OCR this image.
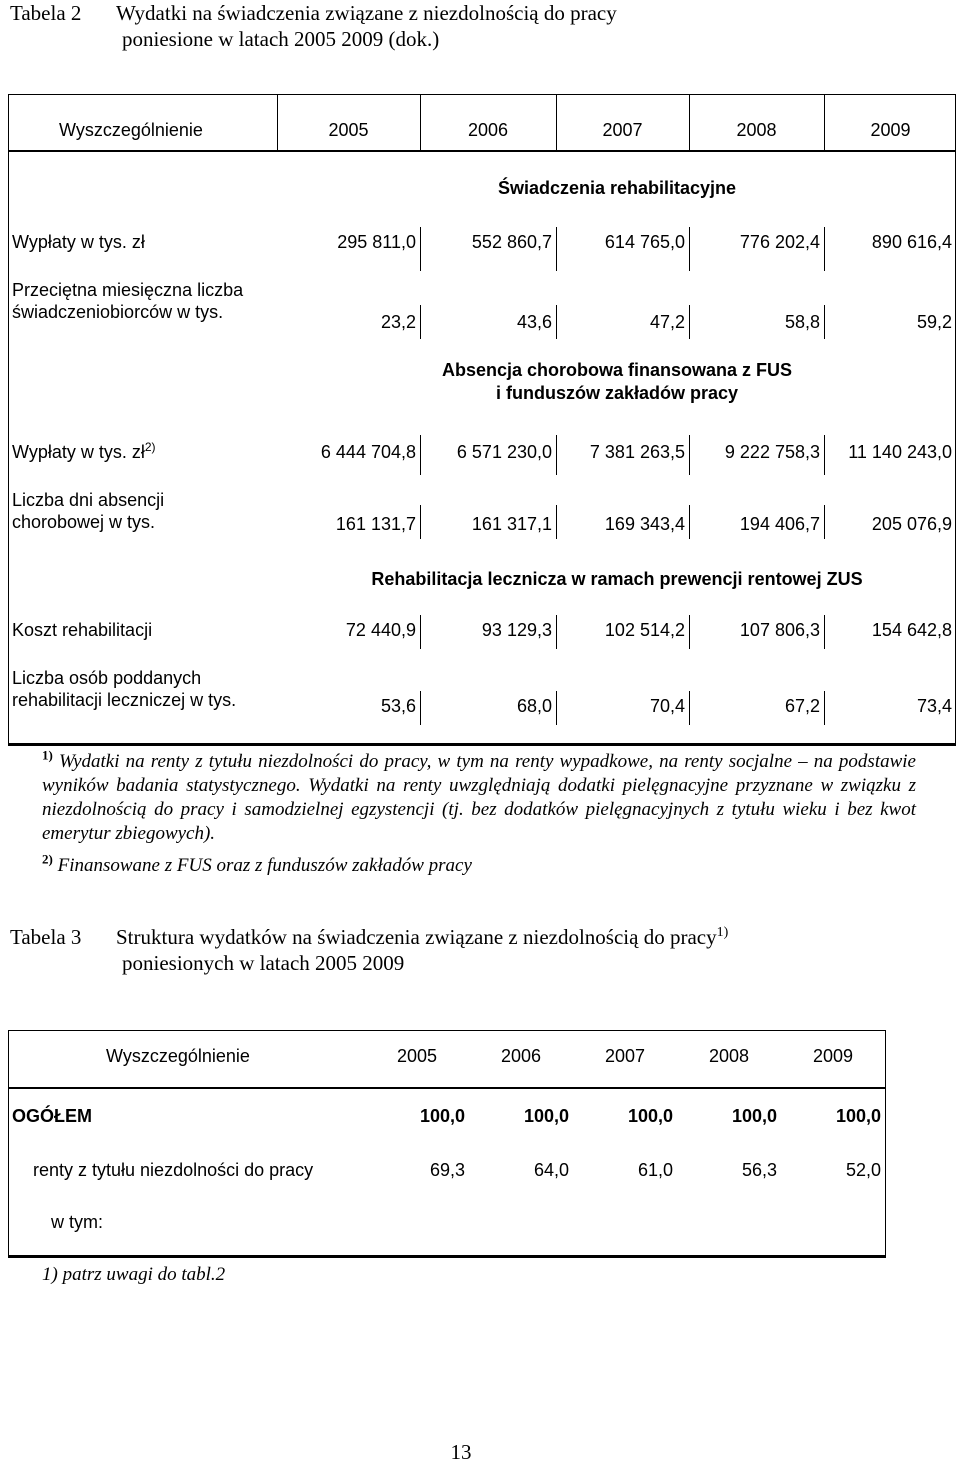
Tabela 2 Wydatki na świadczenia związane z niezdolnością do pracy
poniesione w latach 2005 2009 (dok.)
Wyszczególnienie	2005	2006	2007	2008	2009
Świadczenia rehabilitacyjne
Wypłaty w tys. zł	295 811,0	552 860,7	614 765,0	776 202,4	890 616,4
Przeciętna miesięczna liczba
świadczeniobiorców w tys.	23,2	43,6	47,2	58,8	59,2
Absencja chorobowa finansowana z FUS
i funduszów zakładów pracy
Wypłaty w tys. $zł^{2)}$	6 444 704,8	6 571 230,0	7 381 263,5	9 222 758,3	11 140 243,0
Liczba dni absencji
chorobowej w tys.	161 131,7	161 317,1	169 343,4	194 406,7	205 076,9
Rehabilitacja lecznicza w ramach prewencji rentowej ZUS
Koszt rehabilitacji	72 440,9	93 129,3	102 514,2	107 806,3	154 642,8
Liczba osób poddanych
rehabilitacji leczniczej w tys.	53,6	68,0	70,4	67,2	73,4
$^{1)}$ Wydatki na renty z tytułu niezdolności do pracy, w tym na renty wypadkowe, na renty socjalne – na podstawie wyników badania statystycznego. Wydatki na renty uwzględniają dodatki pielęgnacyjne przyznane w związku z niezdolnością do pracy i samodzielnej egzystencji (tj. bez dodatków pielęgnacyjnych z tytułu wieku i bez kwot emerytur zbiegowych).
$^{2)}$ Finansowane z FUS oraz z funduszów zakładów pracy
Tabela 3 Struktura wydatków na świadczenia związane z niezdolnością do pracy$^{1)}$
poniesionych w latach 2005 2009
Wyszczególnienie	2005	2006	2007	2008	2009
OGÓŁEM	100,0	100,0	100,0	100,0	100,0
renty z tytułu niezdolności do pracy	69,3	64,0	61,0	56,3	52,0
w tym:
1) patrz uwagi do tabl.2
13
